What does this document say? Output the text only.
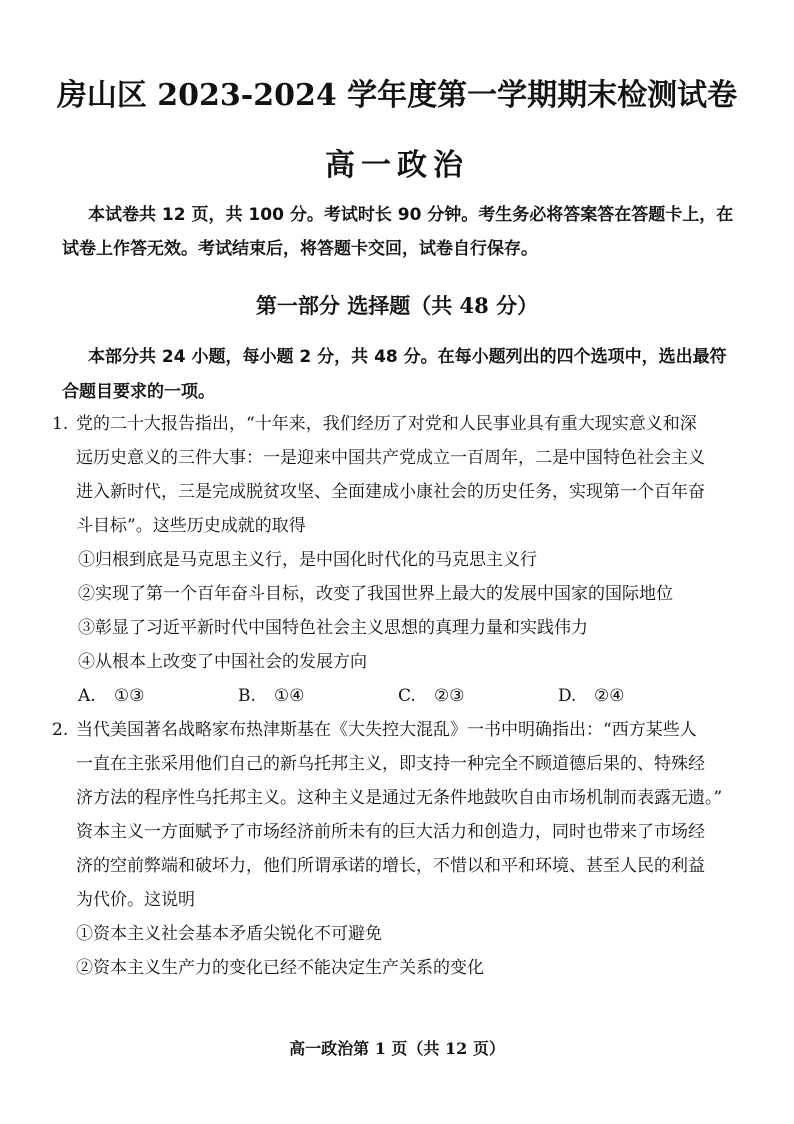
房山区 2023-2024 学年度第一学期期末检测试卷
高一政治
本试卷共 12 页，共 100 分。考试时长 90 分钟。考生务必将答案答在答题卡上，在试卷上作答无效。考试结束后，将答题卡交回，试卷自行保存。
第一部分 选择题（共 48 分）
本部分共 24 小题，每小题 2 分，共 48 分。在每小题列出的四个选项中，选出最符合题目要求的一项。
1. 党的二十大报告指出，“十年来，我们经历了对党和人民事业具有重大现实意义和深
远历史意义的三件大事：一是迎来中国共产党成立一百周年，二是中国特色社会主义
进入新时代，三是完成脱贫攻坚、全面建成小康社会的历史任务，实现第一个百年奋
斗目标”。这些历史成就的取得
①归根到底是马克思主义行，是中国化时代化的马克思主义行
②实现了第一个百年奋斗目标，改变了我国世界上最大的发展中国家的国际地位
③彰显了习近平新时代中国特色社会主义思想的真理力量和实践伟力
④从根本上改变了中国社会的发展方向
A. ①③	B. ①④	C. ②③	D. ②④
2. 当代美国著名战略家布热津斯基在《大失控大混乱》一书中明确指出：“西方某些人
一直在主张采用他们自己的新乌托邦主义，即支持一种完全不顾道德后果的、特殊经
济方法的程序性乌托邦主义。这种主义是通过无条件地鼓吹自由市场机制而表露无遗。”
资本主义一方面赋予了市场经济前所未有的巨大活力和创造力，同时也带来了市场经
济的空前弊端和破坏力，他们所谓承诺的增长，不惜以和平和环境、甚至人民的利益
为代价。这说明
①资本主义社会基本矛盾尖锐化不可避免
②资本主义生产力的变化已经不能决定生产关系的变化
高一政治第 1 页（共 12 页）
